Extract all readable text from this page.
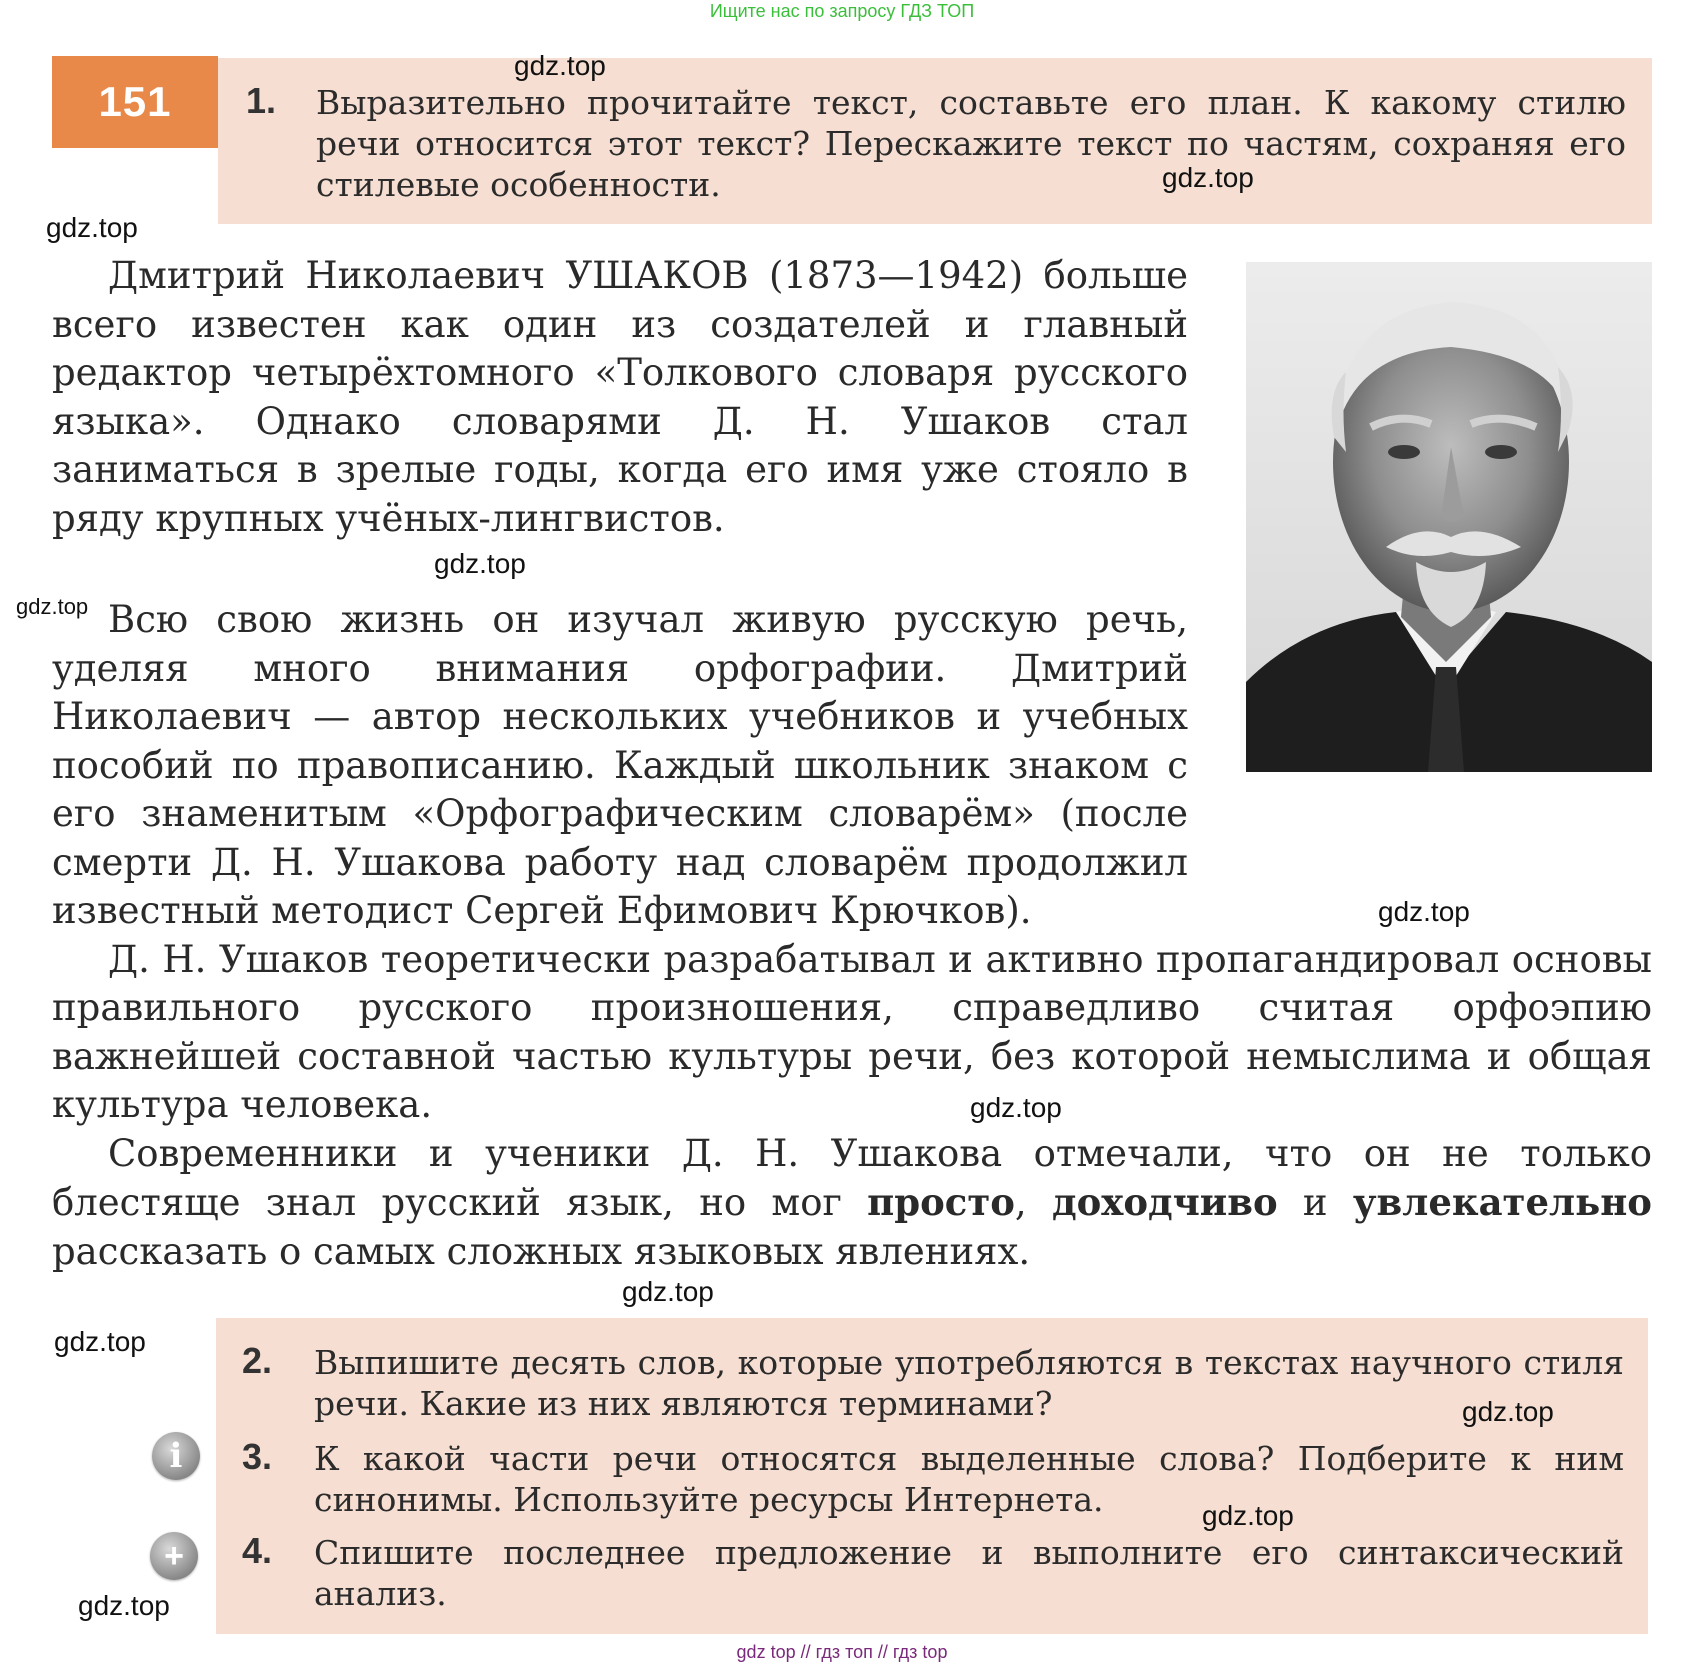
Ищите нас по запросу ГДЗ ТОП
151	1. Выразительно прочитайте текст, составьте его план. К какому стилю речи относится этот текст? Перескажите текст по частям, сохраняя его стилевые особенности.

Дмитрий Николаевич УШАКОВ (1873—1942) больше всего известен как один из создателей и главный редактор четырёхтомного «Толкового словаря русского языка». Однако словарями Д. Н. Ушаков стал заниматься в зрелые годы, когда его имя уже стояло в ряду крупных учёных-лингвистов.

Всю свою жизнь он изучал живую русскую речь, уделяя много внимания орфографии. Дмитрий Николаевич — автор нескольких учебников и учебных пособий по правописанию. Каждый школьник знаком с его знаменитым «Орфографическим словарём» (после смерти Д. Н. Ушакова работу над словарём продолжил известный методист Сергей Ефимович Крючков).

Д. Н. Ушаков теоретически разрабатывал и активно пропагандировал основы правильного русского произношения, справедливо считая орфоэпию важнейшей составной частью культуры речи, без которой немыслима и общая культура человека.

Современники и ученики Д. Н. Ушакова отмечали, что он не только блестяще знал русский язык, но мог просто, доходчиво и увлекательно рассказать о самых сложных языковых явлениях.

2. Выпишите десять слов, которые употребляются в текстах научного стиля речи. Какие из них являются терминами?
i	3. К какой части речи относятся выделенные слова? Подберите к ним синонимы. Используйте ресурсы Интернета.
+	4. Спишите последнее предложение и выполните его синтаксический анализ.
gdz.top
gdz.top
gdz.top
gdz.top
gdz.top
gdz.top
gdz.top
gdz.top
gdz.top
gdz.top
gdz.top
gdz.top
gdz top // гдз топ // гдз top
